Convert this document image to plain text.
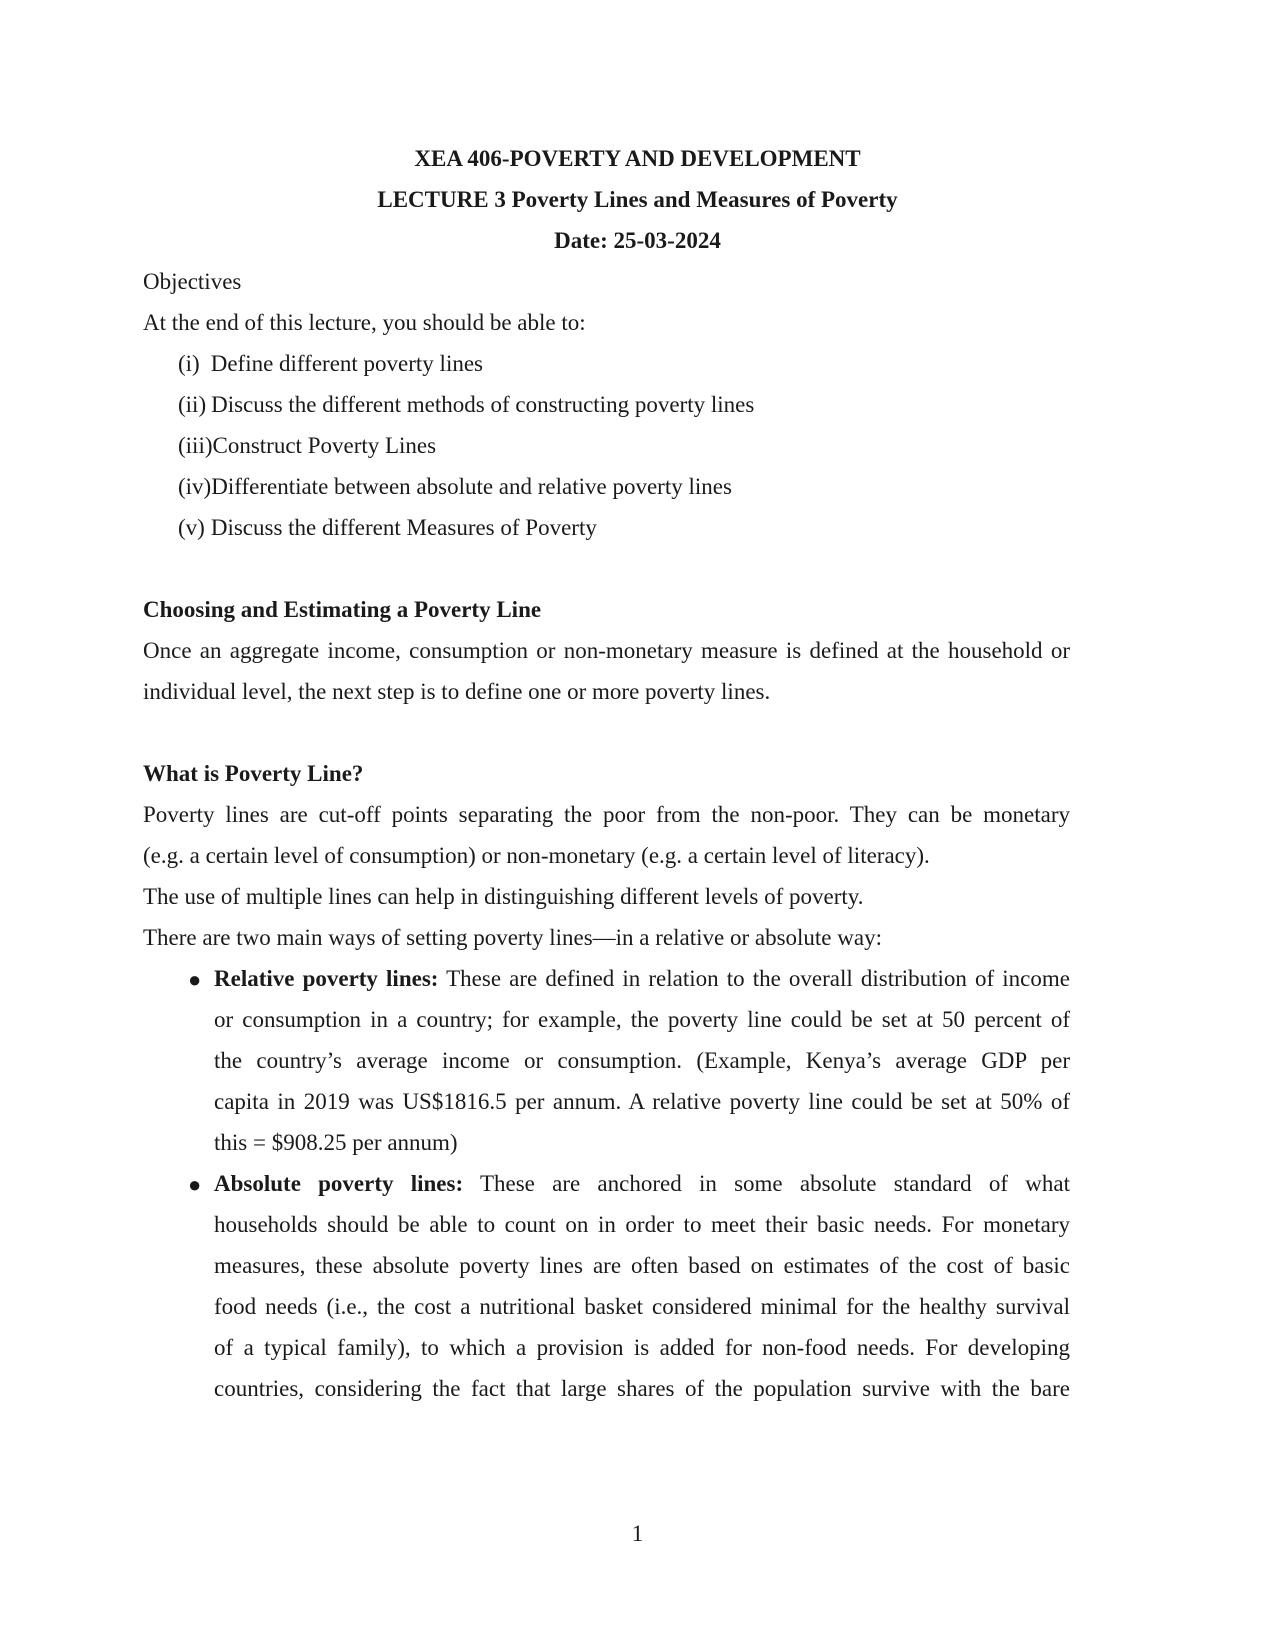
XEA 406-POVERTY AND DEVELOPMENT
LECTURE 3 Poverty Lines and Measures of Poverty
Date: 25-03-2024
Objectives
At the end of this lecture, you should be able to:
(i) Define different poverty lines
(ii) Discuss the different methods of constructing poverty lines
(iii)Construct Poverty Lines
(iv)Differentiate between absolute and relative poverty lines
(v) Discuss the different Measures of Poverty
Choosing and Estimating a Poverty Line
Once an aggregate income, consumption or non-monetary measure is defined at the household or
individual level, the next step is to define one or more poverty lines.
What is Poverty Line?
Poverty lines are cut-off points separating the poor from the non-poor. They can be monetary
(e.g. a certain level of consumption) or non-monetary (e.g. a certain level of literacy).
The use of multiple lines can help in distinguishing different levels of poverty.
There are two main ways of setting poverty lines—in a relative or absolute way:
● Relative poverty lines: These are defined in relation to the overall distribution of income
or consumption in a country; for example, the poverty line could be set at 50 percent of
the country’s average income or consumption. (Example, Kenya’s average GDP per
capita in 2019 was US$1816.5 per annum. A relative poverty line could be set at 50% of
this = $908.25 per annum)
● Absolute poverty lines: These are anchored in some absolute standard of what
households should be able to count on in order to meet their basic needs. For monetary
measures, these absolute poverty lines are often based on estimates of the cost of basic
food needs (i.e., the cost a nutritional basket considered minimal for the healthy survival
of a typical family), to which a provision is added for non-food needs. For developing
countries, considering the fact that large shares of the population survive with the bare
1
